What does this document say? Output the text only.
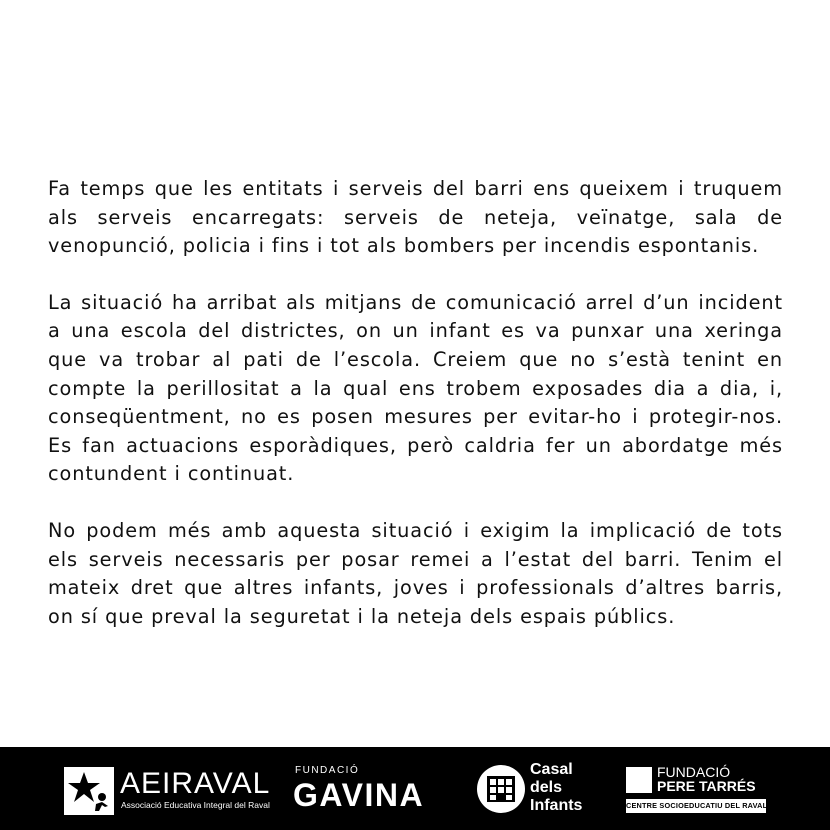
Fa temps que les entitats i serveis del barri ens queixem i truquem als serveis encarregats: serveis de neteja, veïnatge, sala de venopunció, policia i fins i tot als bombers per incendis espontanis.

La situació ha arribat als mitjans de comunicació arrel d’un incident a una escola del districtes, on un infant es va punxar una xeringa que va trobar al pati de l’escola. Creiem que no s’està tenint en compte la perillositat a la qual ens trobem exposades dia a dia, i, conseqüentment, no es posen mesures per evitar-ho i protegir-nos. Es fan actuacions esporàdiques, però caldria fer un abordatge més contundent i continuat.

No podem més amb aquesta situació i exigim la implicació de tots els serveis necessaris per posar remei a l’estat del barri. Tenim el mateix dret que altres infants, joves i professionals d’altres barris, on sí que preval la seguretat i la neteja dels espais públics.

AEIRAVAL
Associació Educativa Integral del Raval
FUNDACIÓ
GAVINA
Casal
dels
Infants
FUNDACIÓ
PERE TARRÉS
CENTRE SOCIOEDUCATIU DEL RAVAL
